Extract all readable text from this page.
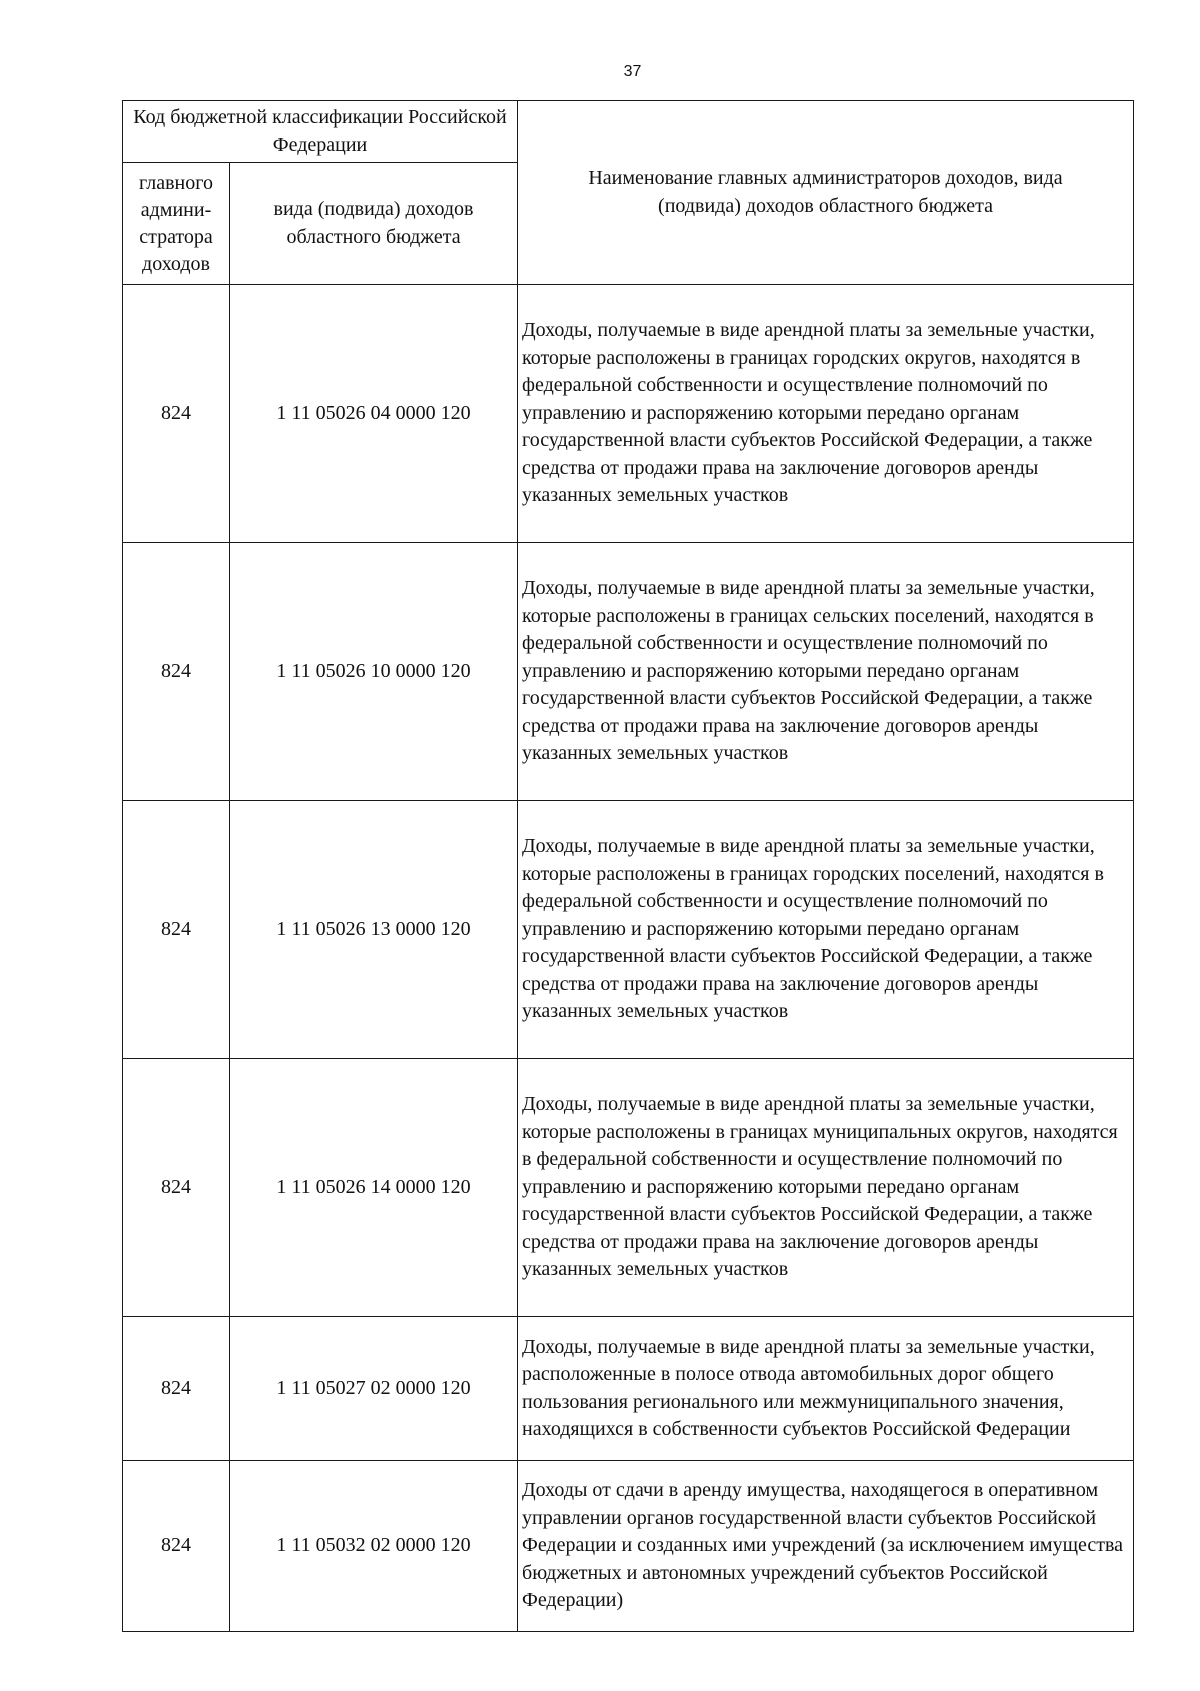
37
Код бюджетной классификации Российской Федерации		Наименование главных администраторов доходов, вида (подвида) доходов областного бюджета
главного админи-стратора доходов	вида (подвида) доходов областного бюджета	
824	1 11 05026 04 0000 120	Доходы, получаемые в виде арендной платы за земельные участки, которые расположены в границах городских округов, находятся в федеральной собственности и осуществление полномочий по управлению и распоряжению которыми передано органам государственной власти субъектов Российской Федерации, а также средства от продажи права на заключение договоров аренды указанных земельных участков
824	1 11 05026 10 0000 120	Доходы, получаемые в виде арендной платы за земельные участки, которые расположены в границах сельских поселений, находятся в федеральной собственности и осуществление полномочий по управлению и распоряжению которыми передано органам государственной власти субъектов Российской Федерации, а также средства от продажи права на заключение договоров аренды указанных земельных участков
824	1 11 05026 13 0000 120	Доходы, получаемые в виде арендной платы за земельные участки, которые расположены в границах городских поселений, находятся в федеральной собственности и осуществление полномочий по управлению и распоряжению которыми передано органам государственной власти субъектов Российской Федерации, а также средства от продажи права на заключение договоров аренды указанных земельных участков
824	1 11 05026 14 0000 120	Доходы, получаемые в виде арендной платы за земельные участки, которые расположены в границах муниципальных округов, находятся в федеральной собственности и осуществление полномочий по управлению и распоряжению которыми передано органам государственной власти субъектов Российской Федерации, а также средства от продажи права на заключение договоров аренды указанных земельных участков
824	1 11 05027 02 0000 120	Доходы, получаемые в виде арендной платы за земельные участки, расположенные в полосе отвода автомобильных дорог общего пользования регионального или межмуниципального значения, находящихся в собственности субъектов Российской Федерации
824	1 11 05032 02 0000 120	Доходы от сдачи в аренду имущества, находящегося в оперативном управлении органов государственной власти субъектов Российской Федерации и созданных ими учреждений (за исключением имущества бюджетных и автономных учреждений субъектов Российской Федерации)
